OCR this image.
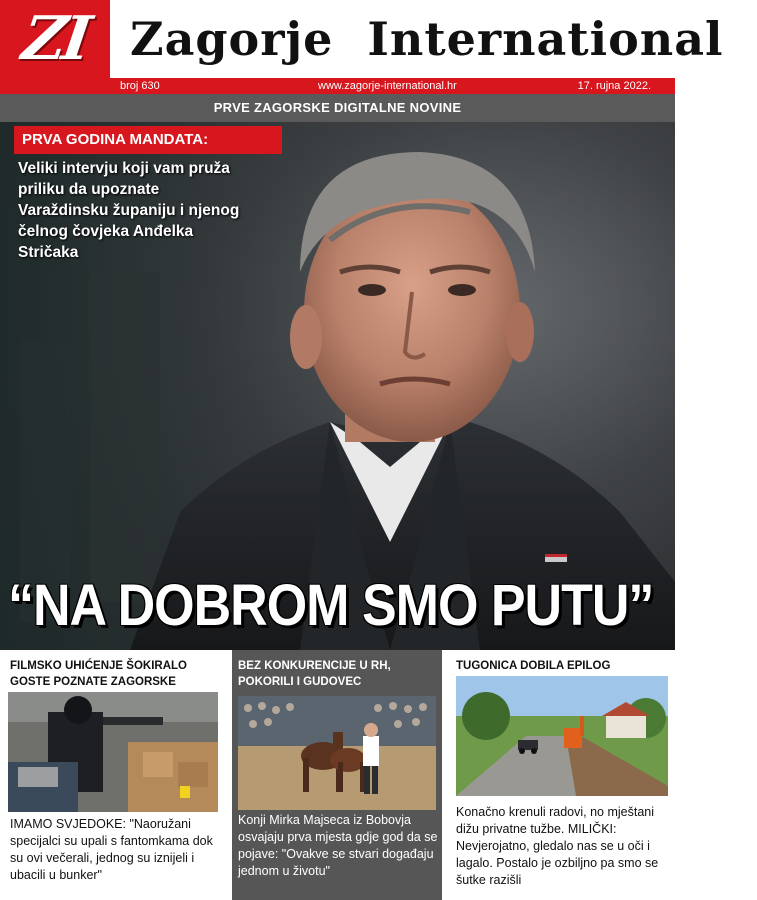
ZI Zagorje International
broj 630	www.zagorje-international.hr	17. rujna 2022.
PRVE ZAGORSKE DIGITALNE NOVINE
PRVA GODINA MANDATA:

Veliki intervju koji vam pruža priliku da upoznate Varaždinsku županiju i njenog čelnog čovjeka Anđelka Stričaka

“NA DOBROM SMO PUTU”
FILMSKO UHIĆENJE ŠOKIRALO GOSTE POZNATE ZAGORSKE

IMAMO SVJEDOKE: "Naoružani specijalci su upali s fantomkama dok su ovi večerali, jednog su iznijeli i ubacili u bunker"

BEZ KONKURENCIJE U RH, POKORILI I GUDOVEC

Konji Mirka Majseca iz Bobovja osvajaju prva mjesta gdje god da se pojave: "Ovakve se stvari događaju jednom u životu"

TUGONICA DOBILA EPILOG

Konačno krenuli radovi, no mještani dižu privatne tužbe. MILIČKI: Nevjerojatno, gledalo nas se u oči i lagalo. Postalo je ozbiljno pa smo se šutke razišli
